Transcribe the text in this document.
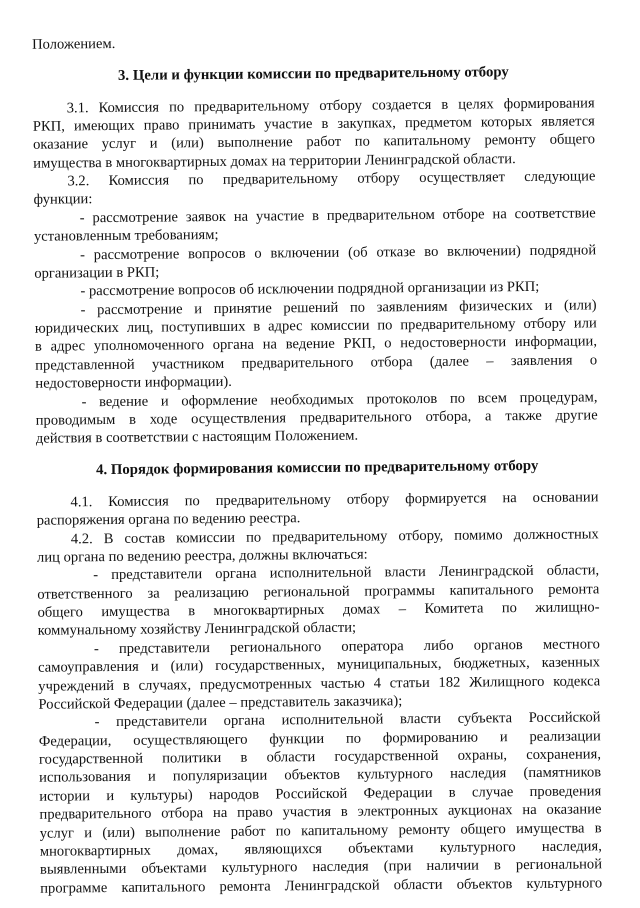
Положением.
3. Цели и функции комиссии по предварительному отбору
3.1. Комиссия по предварительному отбору создается в целях формирования
РКП, имеющих право принимать участие в закупках, предметом которых является
оказание услуг и (или) выполнение работ по капитальному ремонту общего
имущества в многоквартирных домах на территории Ленинградской области.
3.2. Комиссия по предварительному отбору осуществляет следующие
функции:
- рассмотрение заявок на участие в предварительном отборе на соответствие
установленным требованиям;
- рассмотрение вопросов о включении (об отказе во включении) подрядной
организации в РКП;
- рассмотрение вопросов об исключении подрядной организации из РКП;
- рассмотрение и принятие решений по заявлениям физических и (или)
юридических лиц, поступивших в адрес комиссии по предварительному отбору или
в адрес уполномоченного органа на ведение РКП, о недостоверности информации,
представленной участником предварительного отбора (далее – заявления о
недостоверности информации).
- ведение и оформление необходимых протоколов по всем процедурам,
проводимым в ходе осуществления предварительного отбора, а также другие
действия в соответствии с настоящим Положением.
4. Порядок формирования комиссии по предварительному отбору
4.1. Комиссия по предварительному отбору формируется на основании
распоряжения органа по ведению реестра.
4.2. В состав комиссии по предварительному отбору, помимо должностных
лиц органа по ведению реестра, должны включаться:
- представители органа исполнительной власти Ленинградской области,
ответственного за реализацию региональной программы капитального ремонта
общего имущества в многоквартирных домах – Комитета по жилищно-
коммунальному хозяйству Ленинградской области;
- представители регионального оператора либо органов местного
самоуправления и (или) государственных, муниципальных, бюджетных, казенных
учреждений в случаях, предусмотренных частью 4 статьи 182 Жилищного кодекса
Российской Федерации (далее – представитель заказчика);
- представители органа исполнительной власти субъекта Российской
Федерации, осуществляющего функции по формированию и реализации
государственной политики в области государственной охраны, сохранения,
использования и популяризации объектов культурного наследия (памятников
истории и культуры) народов Российской Федерации в случае проведения
предварительного отбора на право участия в электронных аукционах на оказание
услуг и (или) выполнение работ по капитальному ремонту общего имущества в
многоквартирных домах, являющихся объектами культурного наследия,
выявленными объектами культурного наследия (при наличии в региональной
программе капитального ремонта Ленинградской области объектов культурного
